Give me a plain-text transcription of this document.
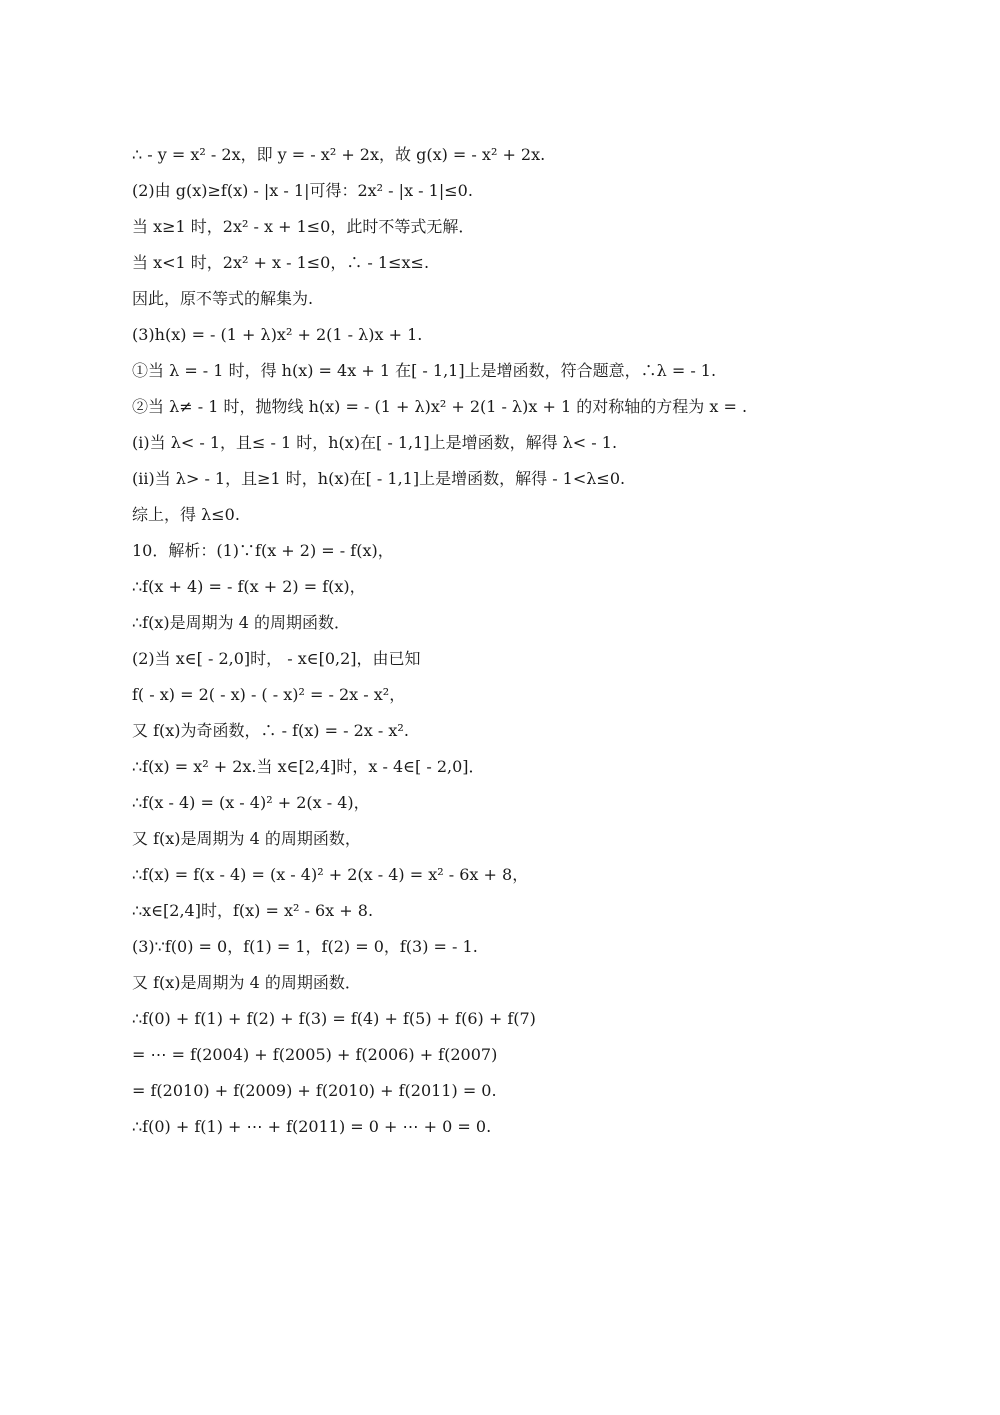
∴ - y = x² - 2x，即 y = - x² + 2x，故 g(x) = - x² + 2x.
(2)由 g(x)≥f(x) - |x - 1|可得：2x² - |x - 1|≤0.
当 x≥1 时，2x² - x + 1≤0，此时不等式无解．
当 x<1 时，2x² + x - 1≤0，∴ - 1≤x≤.
因此，原不等式的解集为.
(3)h(x) = - (1 + λ)x² + 2(1 - λ)x + 1.
①当 λ = - 1 时，得 h(x) = 4x + 1 在[ - 1,1]上是增函数，符合题意，∴λ = - 1.
②当 λ≠ - 1 时，抛物线 h(x) = - (1 + λ)x² + 2(1 - λ)x + 1 的对称轴的方程为 x = .
(ⅰ)当 λ< - 1，且≤ - 1 时，h(x)在[ - 1,1]上是增函数，解得 λ< - 1.
(ⅱ)当 λ> - 1，且≥1 时，h(x)在[ - 1,1]上是增函数，解得 - 1<λ≤0.
综上，得 λ≤0.
10．解析：(1)∵f(x + 2) = - f(x)，
∴f(x + 4) = - f(x + 2) = f(x)，
∴f(x)是周期为 4 的周期函数．
(2)当 x∈[ - 2,0]时， - x∈[0,2]，由已知
f( - x) = 2( - x) - ( - x)² = - 2x - x²，
又 f(x)为奇函数，∴ - f(x) = - 2x - x².
∴f(x) = x² + 2x.当 x∈[2,4]时，x - 4∈[ - 2,0]．
∴f(x - 4) = (x - 4)² + 2(x - 4)，
又 f(x)是周期为 4 的周期函数，
∴f(x) = f(x - 4) = (x - 4)² + 2(x - 4) = x² - 6x + 8，
∴x∈[2,4]时，f(x) = x² - 6x + 8.
(3)∵f(0) = 0，f(1) = 1，f(2) = 0，f(3) = - 1.
又 f(x)是周期为 4 的周期函数．
∴f(0) + f(1) + f(2) + f(3) = f(4) + f(5) + f(6) + f(7)
= ⋯ = f(2004) + f(2005) + f(2006) + f(2007)
= f(2010) + f(2009) + f(2010) + f(2011) = 0.
∴f(0) + f(1) + ⋯ + f(2011) = 0 + ⋯ + 0 = 0.
